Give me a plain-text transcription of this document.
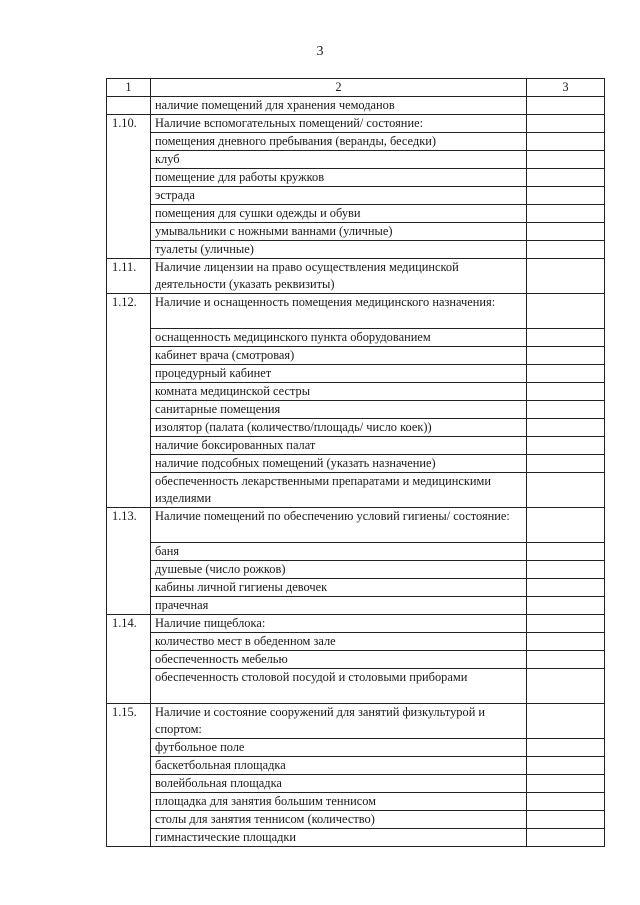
3
1	2	3
	наличие помещений для хранения чемоданов	
1.10.	Наличие вспомогательных помещений/ состояние:	
	помещения дневного пребывания (веранды, беседки)	
	клуб	
	помещение для работы кружков	
	эстрада	
	помещения для сушки одежды и обуви	
	умывальники с ножными ваннами (уличные)	
	туалеты (уличные)	
1.11.	Наличие лицензии на право осуществления медицинской деятельности (указать реквизиты)	
1.12.	Наличие и оснащенность помещения медицинского назначения:	
	оснащенность медицинского пункта оборудованием	
	кабинет врача (смотровая)	
	процедурный кабинет	
	комната медицинской сестры	
	санитарные помещения	
	изолятор (палата (количество/площадь/ число коек))	
	наличие боксированных палат	
	наличие подсобных помещений (указать назначение)	
	обеспеченность лекарственными препаратами и медицинскими изделиями	
1.13.	Наличие помещений по обеспечению условий гигиены/ состояние:	
	баня	
	душевые (число рожков)	
	кабины личной гигиены девочек	
	прачечная	
1.14.	Наличие пищеблока:	
	количество мест в обеденном зале	
	обеспеченность мебелью	
	обеспеченность столовой посудой и столовыми приборами	
1.15.	Наличие и состояние сооружений для занятий физкультурой и спортом:	
	футбольное поле	
	баскетбольная площадка	
	волейбольная площадка	
	площадка для занятия большим теннисом	
	столы для занятия теннисом (количество)	
	гимнастические площадки	
